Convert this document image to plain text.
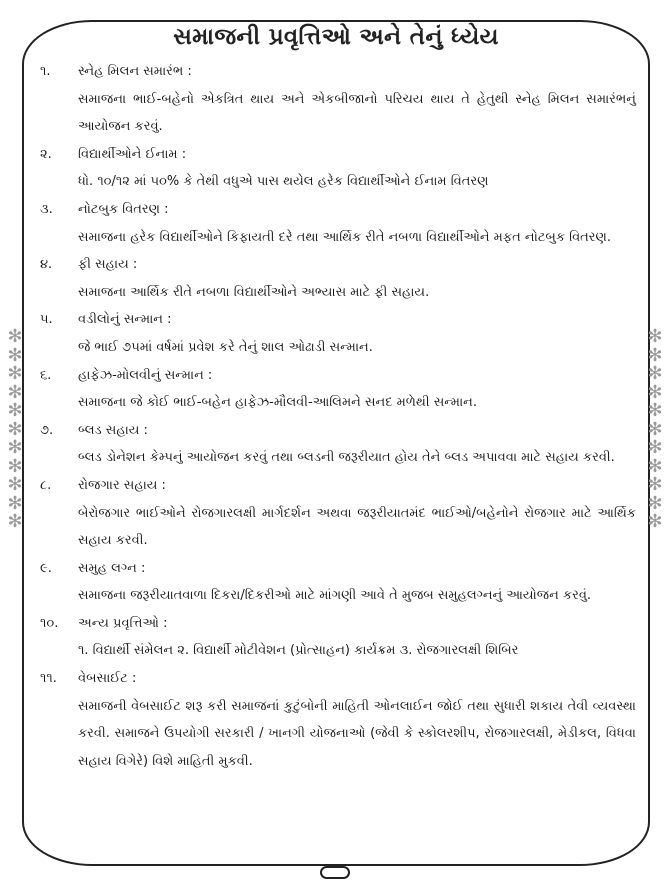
સમાજની પ્રવૃત્તિઓ અને તેનું ધ્યેય
૧.	સ્નેહ મિલન સમારંભ :
સમાજના ભાઈ-બહેનો એકત્રિત થાય અને એકબીજાનો પરિચય થાય તે હેતુથી સ્નેહ મિલન સમારંભનું આયોજન કરવું.
૨.	વિદ્યાર્થીઓને ઈનામ :
ધો. ૧૦/૧૨ માં ૫૦% કે તેથી વધુએ પાસ થયેલ હરેક વિદ્યાર્થીઓને ઈનામ વિતરણ
૩.	નોટબુક વિતરણ :
સમાજના હરેક વિદ્યાર્થીઓને કિફાયતી દરે તથા આર્થિક રીતે નબળા વિદ્યાર્થીઓને મફત નોટબુક વિતરણ.
૪.	ફી સહાય :
સમાજના આર્થિક રીતે નબળા વિદ્યાર્થીઓને અભ્યાસ માટે ફી સહાય.
૫.	વડીલોનું સન્માન :
જે ભાઈ ૭૫માં વર્ષમાં પ્રવેશ કરે તેનું શાલ ઓઢાડી સન્માન.
૬.	હાફેઝ-મોલવીનું સન્માન :
સમાજના જે કોઈ ભાઈ-બહેન હાફેઝ-મૌલવી-આલિમને સનદ મળેથી સન્માન.
૭.	બ્લડ સહાય :
બ્લડ ડોનેશન કેમ્પનું આયોજન કરવું તથા બ્લડની જરૂરીયાત હોય તેને બ્લડ અપાવવા માટે સહાય કરવી.
૮.	રોજગાર સહાય :
બેરોજગાર ભાઈઓને રોજગારલક્ષી માર્ગદર્શન અથવા જરૂરીયાતમંદ ભાઈઓ/બહેનોને રોજગાર માટે આર્થિક સહાય કરવી.
૯.	સમુહ લગ્ન :
સમાજના જરૂરીયાતવાળા દિકરા/દિકરીઓ માટે માંગણી આવે તે મુજબ સમુહલગ્નનું આયોજન કરવું.
૧૦.	અન્ય પ્રવૃત્તિઓ :
૧. વિદ્યાર્થી સંમેલન ૨. વિદ્યાર્થી મોટીવેશન (પ્રોત્સાહન) કાર્યક્રમ ૩. રોજગારલક્ષી શિબિર
૧૧.	વેબસાઈટ :
સમાજની વેબસાઈટ શરૂ કરી સમાજનાં કુટુંબોની માહિતી ઓનલાઈન જોઈ તથા સુધારી શકાય તેવી વ્યવસ્થા કરવી. સમાજને ઉપયોગી સરકારી / ખાનગી યોજનાઓ (જેવી કે સ્કોલરશીપ, રોજગારલક્ષી, મેડીકલ, વિધવા સહાય વિગેરે) વિશે માહિતી મુકવી.
✻
✻
✻
✻
✻
✻
✻
✻
✻
✻
✻
✻
✻
✻
✻
✻
✻
✻
✻
✻
✻
✻
